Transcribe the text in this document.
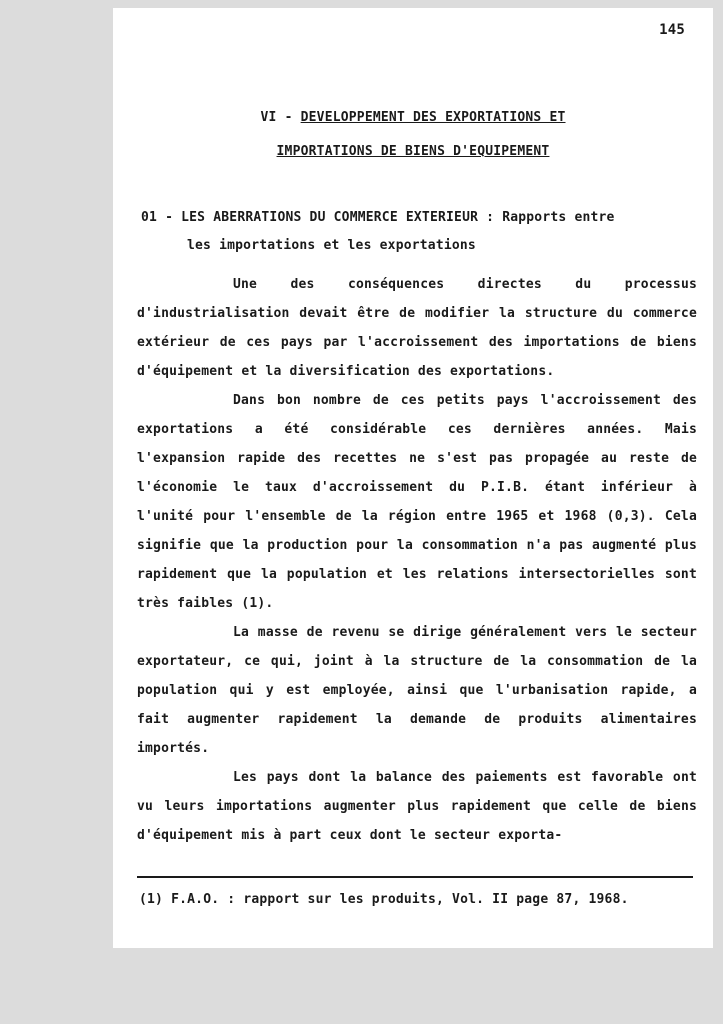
145
VI - DEVELOPPEMENT DES EXPORTATIONS ET
IMPORTATIONS DE BIENS D'EQUIPEMENT
01 - LES ABERRATIONS DU COMMERCE EXTERIEUR : Rapports entre
les importations et les exportations

Une des conséquences directes du processus d'industrialisation devait être de modifier la structure du commerce extérieur de ces pays par l'accroissement des importations de biens d'équipement et la diversification des exportations.

Dans bon nombre de ces petits pays l'accroissement des exportations a été considérable ces dernières années. Mais l'expansion rapide des recettes ne s'est pas propagée au reste de l'économie le taux d'accroissement du P.I.B. étant inférieur à l'unité pour l'ensemble de la région entre 1965 et 1968 (0,3). Cela signifie que la production pour la consommation n'a pas augmenté plus rapidement que la population et les relations intersectorielles sont très faibles (1).

La masse de revenu se dirige généralement vers le secteur exportateur, ce qui, joint à la structure de la consommation de la population qui y est employée, ainsi que l'urbanisation rapide, a fait augmenter rapidement la demande de produits alimentaires importés.

Les pays dont la balance des paiements est favorable ont vu leurs importations augmenter plus rapidement que celle de biens d'équipement mis à part ceux dont le secteur exporta-

(1) F.A.O. : rapport sur les produits, Vol. II page 87, 1968.
